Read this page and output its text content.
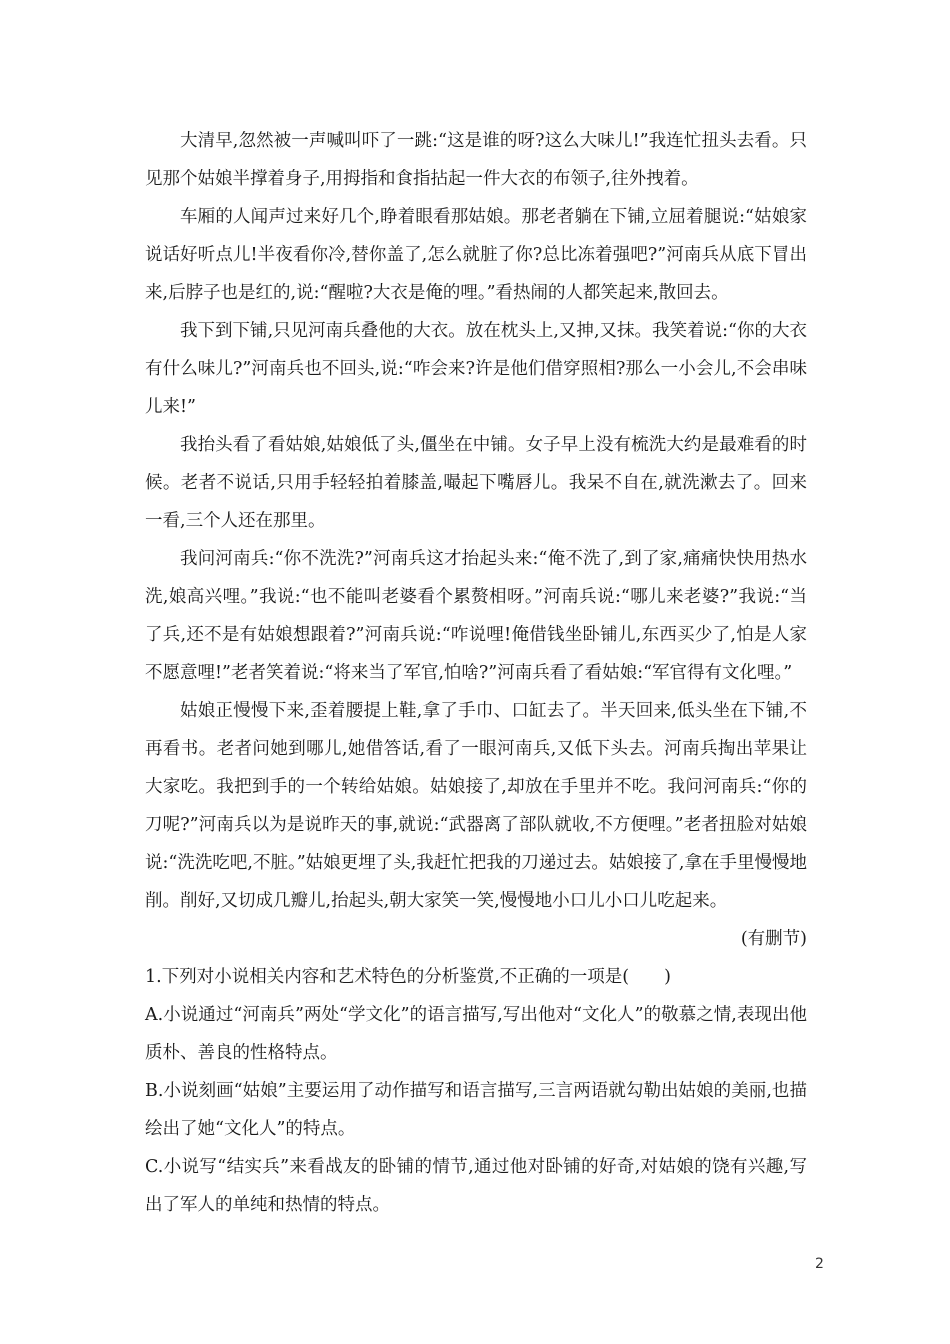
大清早,忽然被一声喊叫吓了一跳:“这是谁的呀?这么大味儿!”我连忙扭头去看。只见那个姑娘半撑着身子,用拇指和食指拈起一件大衣的布领子,往外拽着。

车厢的人闻声过来好几个,睁着眼看那姑娘。那老者躺在下铺,立屈着腿说:“姑娘家说话好听点儿!半夜看你冷,替你盖了,怎么就脏了你?总比冻着强吧?”河南兵从底下冒出来,后脖子也是红的,说:“醒啦?大衣是俺的哩。”看热闹的人都笑起来,散回去。

我下到下铺,只见河南兵叠他的大衣。放在枕头上,又抻,又抹。我笑着说:“你的大衣有什么味儿?”河南兵也不回头,说:“咋会来?许是他们借穿照相?那么一小会儿,不会串味儿来!”

我抬头看了看姑娘,姑娘低了头,僵坐在中铺。女子早上没有梳洗大约是最难看的时候。老者不说话,只用手轻轻拍着膝盖,嘬起下嘴唇儿。我呆不自在,就洗漱去了。回来一看,三个人还在那里。

我问河南兵:“你不洗洗?”河南兵这才抬起头来:“俺不洗了,到了家,痛痛快快用热水洗,娘高兴哩。”我说:“也不能叫老婆看个累赘相呀。”河南兵说:“哪儿来老婆?”我说:“当了兵,还不是有姑娘想跟着?”河南兵说:“咋说哩!俺借钱坐卧铺儿,东西买少了,怕是人家不愿意哩!”老者笑着说:“将来当了军官,怕啥?”河南兵看了看姑娘:“军官得有文化哩。”

姑娘正慢慢下来,歪着腰提上鞋,拿了手巾、口缸去了。半天回来,低头坐在下铺,不再看书。老者问她到哪儿,她借答话,看了一眼河南兵,又低下头去。河南兵掏出苹果让大家吃。我把到手的一个转给姑娘。姑娘接了,却放在手里并不吃。我问河南兵:“你的刀呢?”河南兵以为是说昨天的事,就说:“武器离了部队就收,不方便哩。”老者扭脸对姑娘说:“洗洗吃吧,不脏。”姑娘更埋了头,我赶忙把我的刀递过去。姑娘接了,拿在手里慢慢地削。削好,又切成几瓣儿,抬起头,朝大家笑一笑,慢慢地小口儿小口儿吃起来。

(有删节)

1.下列对小说相关内容和艺术特色的分析鉴赏,不正确的一项是(　　)

A.小说通过“河南兵”两处“学文化”的语言描写,写出他对“文化人”的敬慕之情,表现出他质朴、善良的性格特点。

B.小说刻画“姑娘”主要运用了动作描写和语言描写,三言两语就勾勒出姑娘的美丽,也描绘出了她“文化人”的特点。

C.小说写“结实兵”来看战友的卧铺的情节,通过他对卧铺的好奇,对姑娘的饶有兴趣,写出了军人的单纯和热情的特点。

2
